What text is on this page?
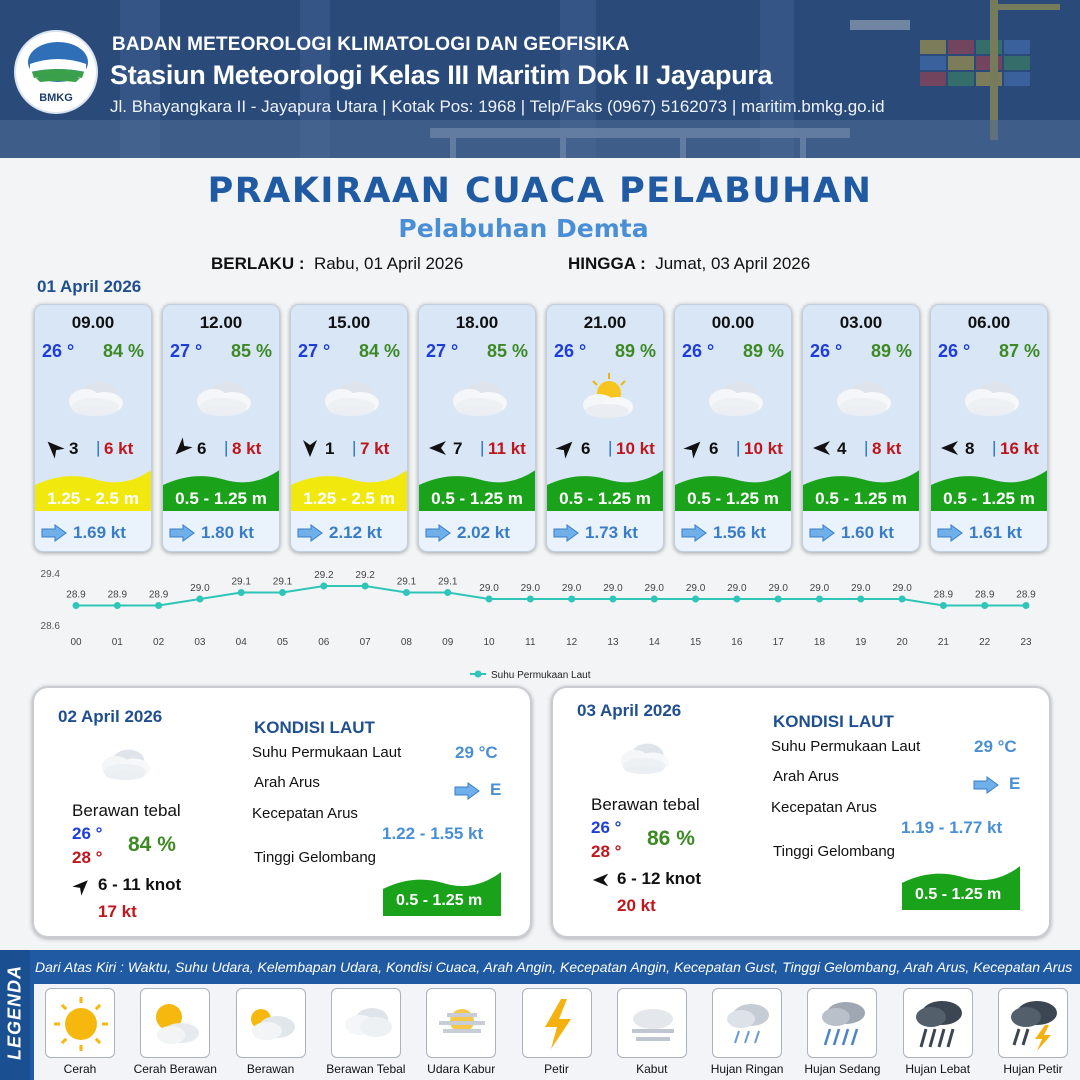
BMKG
BADAN METEOROLOGI KLIMATOLOGI DAN GEOFISIKA
Stasiun Meteorologi Kelas III Maritim Dok II Jayapura
Jl. Bhayangkara II - Jayapura Utara | Kotak Pos: 1968 | Telp/Faks (0967) 5162073 | maritim.bmkg.go.id
PRAKIRAAN CUACA PELABUHAN
Pelabuhan Demta
BERLAKU : Rabu, 01 April 2026	HINGGA : Jumat, 03 April 2026
01 April 2026
09.00
26 ° 84 %
3 | 6 kt
1.25 - 2.5 m
1.69 kt
12.00
27 ° 85 %
6 | 8 kt
0.5 - 1.25 m
1.80 kt
15.00
27 ° 84 %
1 | 7 kt
1.25 - 2.5 m
2.12 kt
18.00
27 ° 85 %
7 | 11 kt
0.5 - 1.25 m
2.02 kt
21.00
26 ° 89 %
6 | 10 kt
0.5 - 1.25 m
1.73 kt
00.00
26 ° 89 %
6 | 10 kt
0.5 - 1.25 m
1.56 kt
03.00
26 ° 89 %
4 | 8 kt
0.5 - 1.25 m
1.60 kt
06.00
26 ° 87 %
8 | 16 kt
0.5 - 1.25 m
1.61 kt
29.4
28.6
28.9
00
28.9
01
28.9
02
29.0
03
29.1
04
29.1
05
29.2
06
29.2
07
29.1
08
29.1
09
29.0
10
29.0
11
29.0
12
29.0
13
29.0
14
29.0
15
29.0
16
29.0
17
29.0
18
29.0
19
29.0
20
28.9
21
28.9
22
28.9
23
Suhu Permukaan Laut
02 April 2026
Berawan tebal
26 °
28 °
84 %
6 - 11 knot
17 kt
KONDISI LAUT
Suhu Permukaan Laut	29 °C
Arah Arus	E
Kecepatan Arus
1.22 - 1.55 kt
Tinggi Gelombang
0.5 - 1.25 m
03 April 2026
Berawan tebal
26 °
28 °
86 %
6 - 12 knot
20 kt
KONDISI LAUT
Suhu Permukaan Laut	29 °C
Arah Arus	E
Kecepatan Arus
1.19 - 1.77 kt
Tinggi Gelombang
0.5 - 1.25 m
LEGENDA Dari Atas Kiri : Waktu, Suhu Udara, Kelembapan Udara, Kondisi Cuaca, Arah Angin, Kecepatan Angin, Kecepatan Gust, Tinggi Gelombang, Arah Arus, Kecepatan Arus
Cerah	Cerah Berawan	Berawan	Berawan Tebal	Udara Kabur	Petir	Kabut	Hujan Ringan	Hujan Sedang	Hujan Lebat	Hujan Petir
